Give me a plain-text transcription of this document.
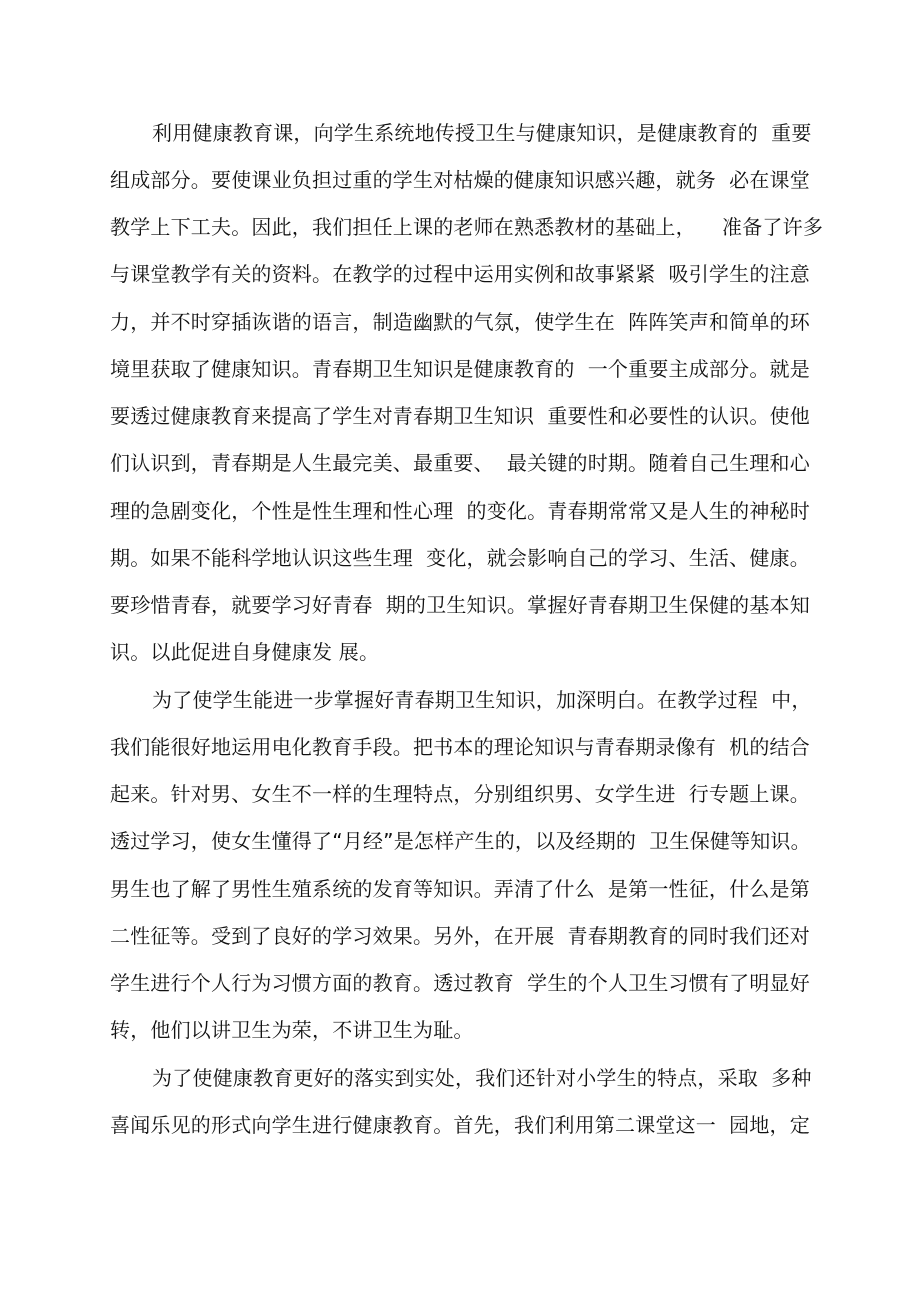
利用健康教育课，向学生系统地传授卫生与健康知识，是健康教育的  重要
组成部分。要使课业负担过重的学生对枯燥的健康知识感兴趣，就务  必在课堂
教学上下工夫。因此，我们担任上课的老师在熟悉教材的基础上，    准备了许多
与课堂教学有关的资料。在教学的过程中运用实例和故事紧紧  吸引学生的注意
力，并不时穿插诙谐的语言，制造幽默的气氛，使学生在  阵阵笑声和简单的环
境里获取了健康知识。青春期卫生知识是健康教育的  一个重要主成部分。就是
要透过健康教育来提高了学生对青春期卫生知识  重要性和必要性的认识。使他
们认识到，青春期是人生最完美、最重要、  最关键的时期。随着自己生理和心
理的急剧变化，个性是性生理和性心理  的变化。青春期常常又是人生的神秘时
期。如果不能科学地认识这些生理  变化，就会影响自己的学习、生活、健康。
要珍惜青春，就要学习好青春  期的卫生知识。掌握好青春期卫生保健的基本知
识。以此促进自身健康发 展。
为了使学生能进一步掌握好青春期卫生知识，加深明白。在教学过程  中，
我们能很好地运用电化教育手段。把书本的理论知识与青春期录像有  机的结合
起来。针对男、女生不一样的生理特点，分别组织男、女学生进  行专题上课。
透过学习，使女生懂得了“月经”是怎样产生的，以及经期的  卫生保健等知识。
男生也了解了男性生殖系统的发育等知识。弄清了什么  是第一性征，什么是第
二性征等。受到了良好的学习效果。另外，在开展  青春期教育的同时我们还对
学生进行个人行为习惯方面的教育。透过教育  学生的个人卫生习惯有了明显好
转，他们以讲卫生为荣，不讲卫生为耻。
为了使健康教育更好的落实到实处，我们还针对小学生的特点，采取  多种
喜闻乐见的形式向学生进行健康教育。首先，我们利用第二课堂这一  园地，定
